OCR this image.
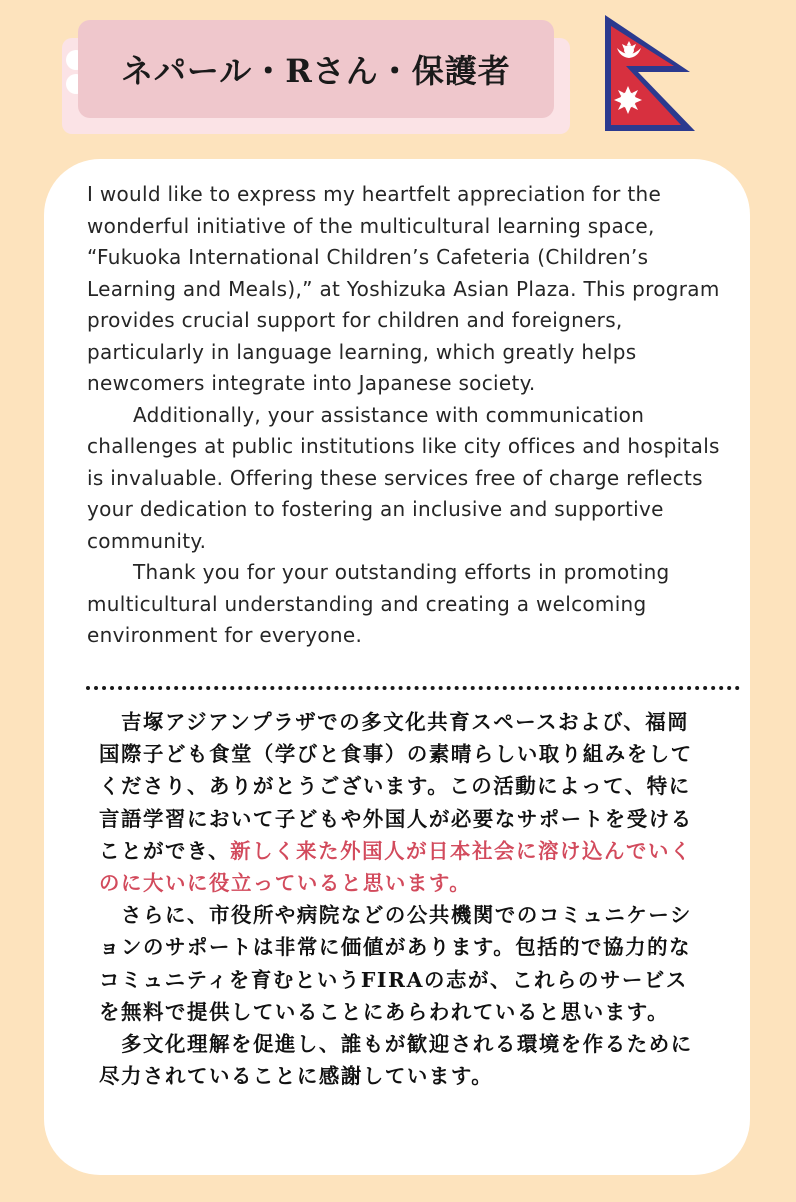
ネパール・Rさん・保護者

I would like to express my heartfelt appreciation for the wonderful initiative of the multicultural learning space, “Fukuoka International Children’s Cafeteria (Children’s Learning and Meals),” at Yoshizuka Asian Plaza. This program provides crucial support for children and foreigners, particularly in language learning, which greatly helps newcomers integrate into Japanese society.

Additionally, your assistance with communication challenges at public institutions like city offices and hospitals is invaluable. Offering these services free of charge reflects your dedication to fostering an inclusive and supportive community.

Thank you for your outstanding efforts in promoting multicultural understanding and creating a welcoming environment for everyone.

吉塚アジアンプラザでの多文化共育スペースおよび、福岡国際子ども食堂（学びと食事）の素晴らしい取り組みをしてくださり、ありがとうございます。この活動によって、特に言語学習において子どもや外国人が必要なサポートを受けることができ、新しく来た外国人が日本社会に溶け込んでいくのに大いに役立っていると思います。

さらに、市役所や病院などの公共機関でのコミュニケーションのサポートは非常に価値があります。包括的で協力的なコミュニティを育むというFIRAの志が、これらのサービスを無料で提供していることにあらわれていると思います。

多文化理解を促進し、誰もが歓迎される環境を作るために尽力されていることに感謝しています。
